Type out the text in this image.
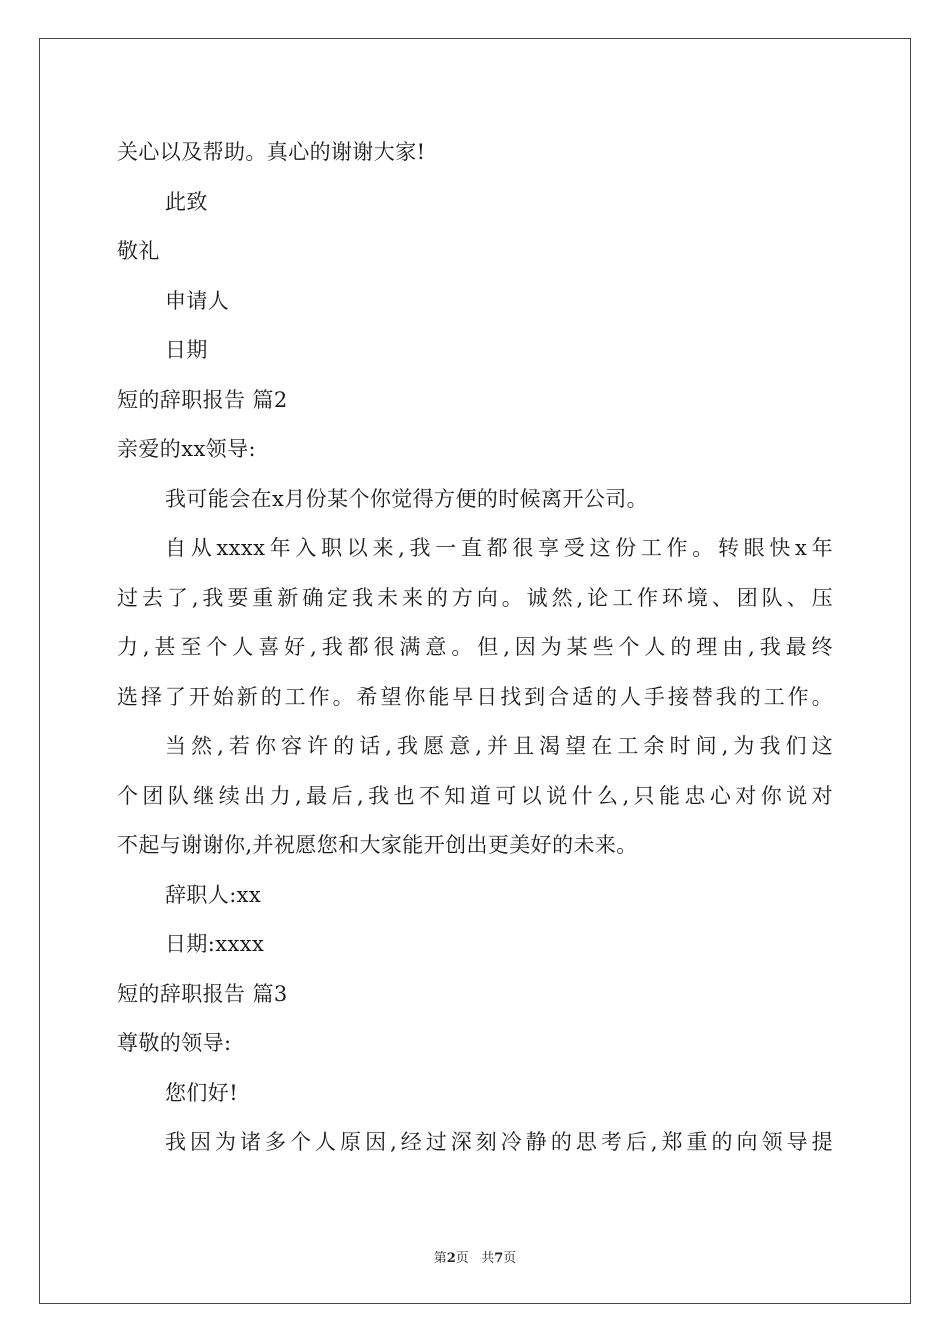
关心以及帮助。真心的谢谢大家!

此致

敬礼

申请人

日期

短的辞职报告 篇2

亲爱的xx领导:

我可能会在x月份某个你觉得方便的时候离开公司。

自从xxxx年入职以来,我一直都很享受这份工作。转眼快x年

过去了,我要重新确定我未来的方向。诚然,论工作环境、团队、压

力,甚至个人喜好,我都很满意。但,因为某些个人的理由,我最终

选择了开始新的工作。希望你能早日找到合适的人手接替我的工作。

当然,若你容许的话,我愿意,并且渴望在工余时间,为我们这

个团队继续出力,最后,我也不知道可以说什么,只能忠心对你说对

不起与谢谢你,并祝愿您和大家能开创出更美好的未来。

辞职人:xx

日期:xxxx

短的辞职报告 篇3

尊敬的领导:

您们好!

我因为诸多个人原因,经过深刻冷静的思考后,郑重的向领导提

第2页   共7页
